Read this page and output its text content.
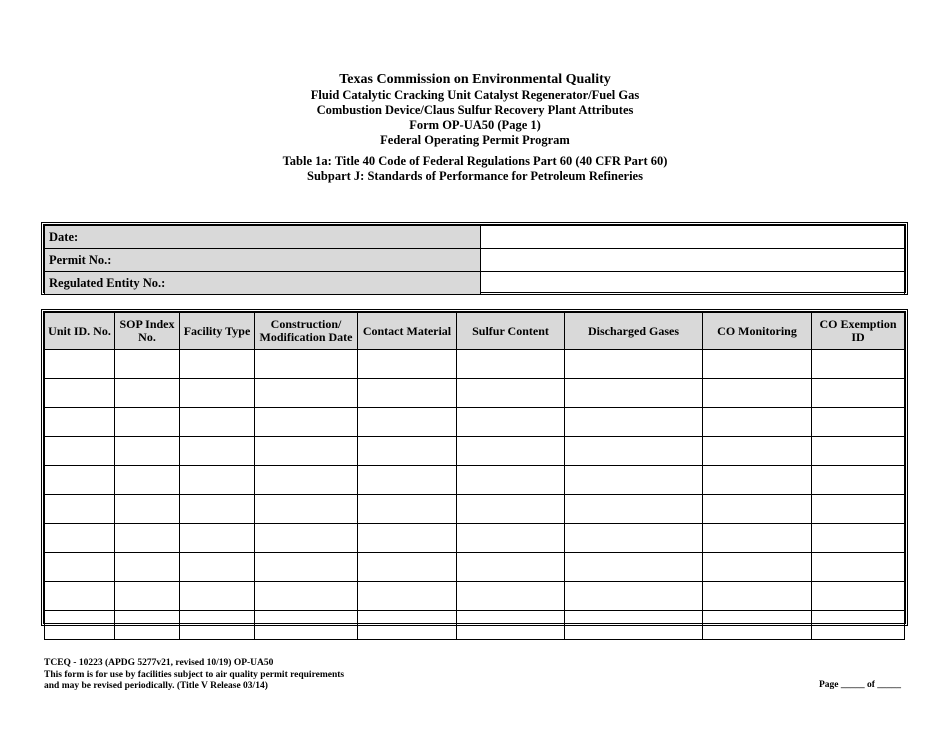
Texas Commission on Environmental Quality
Fluid Catalytic Cracking Unit Catalyst Regenerator/Fuel Gas
Combustion Device/Claus Sulfur Recovery Plant Attributes
Form OP-UA50 (Page 1)
Federal Operating Permit Program
Table 1a: Title 40 Code of Federal Regulations Part 60 (40 CFR Part 60)
Subpart J: Standards of Performance for Petroleum Refineries
Date:	
Permit No.:	
Regulated Entity No.:	
Unit ID. No.	SOP Index No.	Facility Type	Construction/ Modification Date	Contact Material	Sulfur Content	Discharged Gases	CO Monitoring	CO Exemption ID

TCEQ - 10223 (APDG 5277v21, revised 10/19) OP-UA50
This form is for use by facilities subject to air quality permit requirements
and may be revised periodically. (Title V Release 03/14)	Page _____ of _____
